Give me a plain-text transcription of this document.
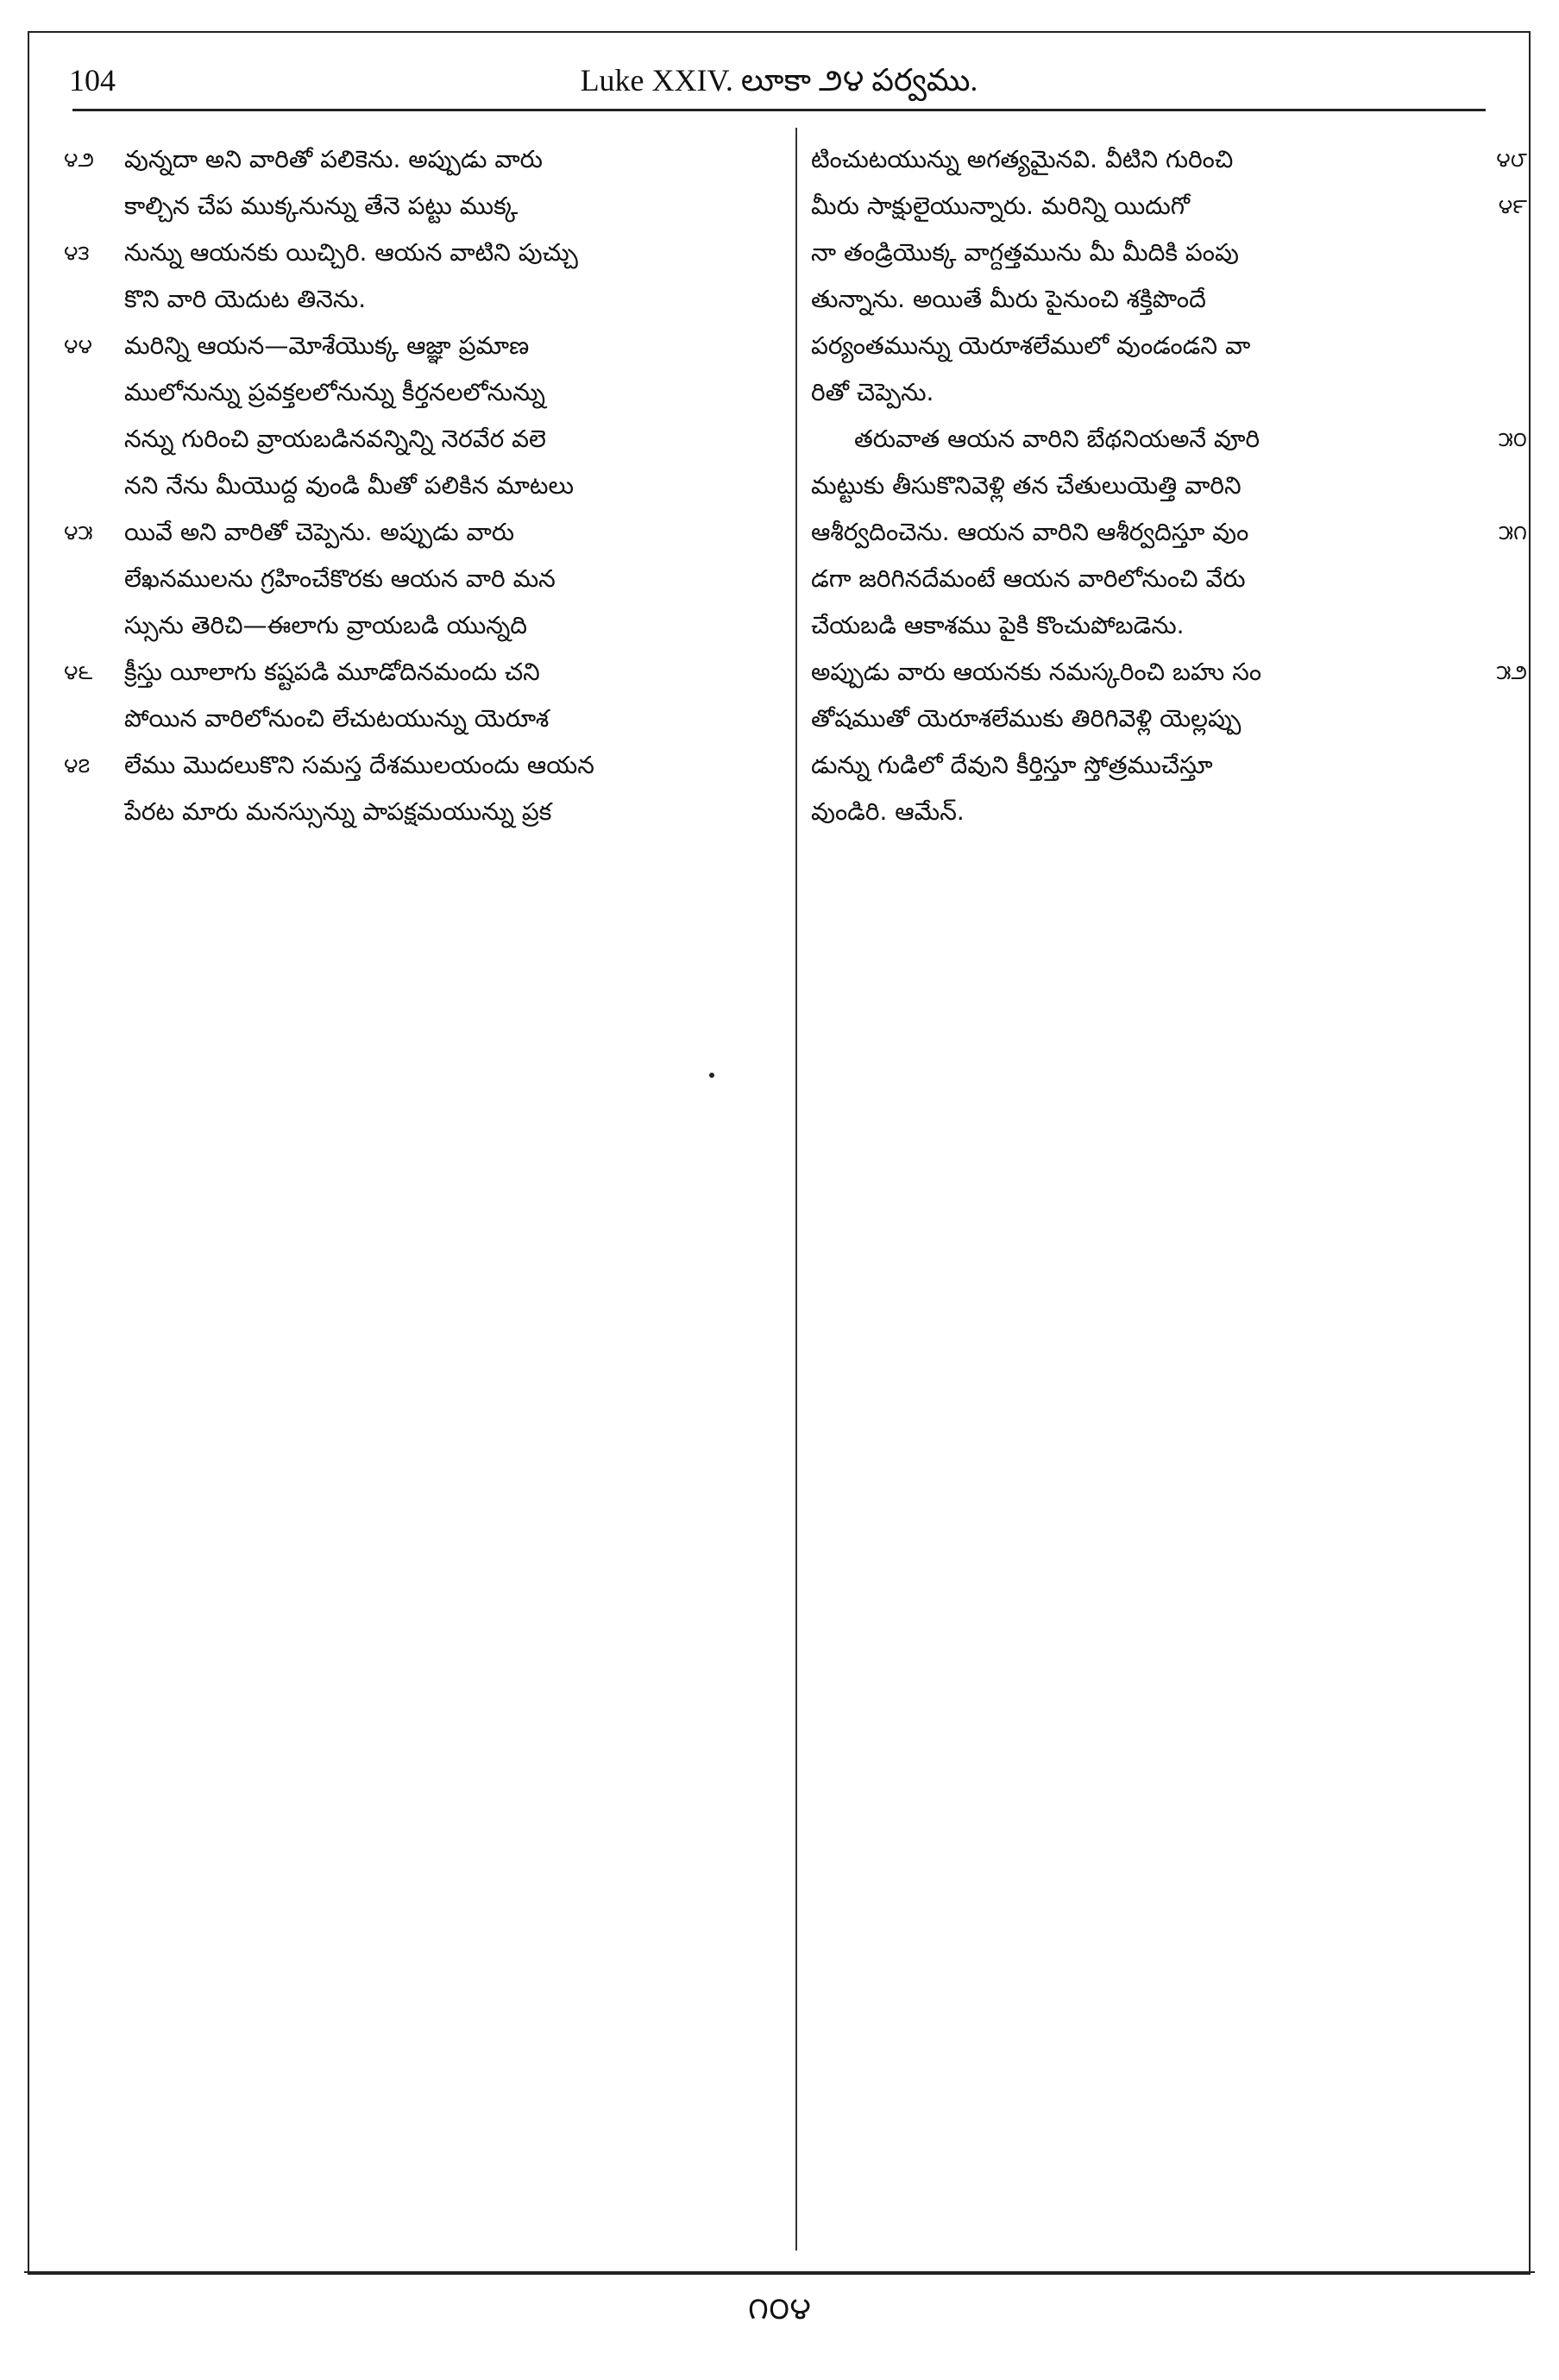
104	Luke XXIV. లూకా ౨౪ పర్వము.
౪౨	వున్నదా అని వారితో పలికెను. అప్పుడు వారు
కాల్చిన చేప ముక్కనున్ను తేనె పట్టు ముక్క
౪౩	నున్ను ఆయనకు యిచ్చిరి. ఆయన వాటిని పుచ్చు
కొని వారి యెదుట తినెను.
౪౪	మరిన్ని ఆయన—మోశేయొక్క ఆజ్ఞా ప్రమాణ
ములోనున్ను ప్రవక్తలలోనున్ను కీర్తనలలోనున్ను
నన్ను గురించి వ్రాయబడినవన్నిన్ని నెరవేర వలె
నని నేను మీయొద్ద వుండి మీతో పలికిన మాటలు
౪౫	యివే అని వారితో చెప్పెను. అప్పుడు వారు
లేఖనములను గ్రహించేకొరకు ఆయన వారి మన
స్సును తెరిచి—ఈలాగు వ్రాయబడి యున్నది
౪౬	క్రీస్తు యీలాగు కష్టపడి మూడోదినమందు చని
పోయిన వారిలోనుంచి లేచుటయున్ను యెరూశ
౪౭	లేము మొదలుకొని సమస్త దేశములయందు ఆయన
పేరట మారు మనస్సున్ను పాపక్షమయున్ను ప్రక
టించుటయున్ను అగత్యమైనవి. వీటిని గురించి	౪౮
మీరు సాక్షులైయున్నారు. మరిన్ని యిదుగో	౪౯
నా తండ్రియొక్క వాగ్దత్తమును మీ మీదికి పంపు
తున్నాను. అయితే మీరు పైనుంచి శక్తిపొందే
పర్యంతమున్ను యెరూశలేములో వుండండని వా
రితో చెప్పెను.
తరువాత ఆయన వారిని బేథనియఅనే వూరి	౫౦
మట్టుకు తీసుకొనివెళ్లి తన చేతులుయెత్తి వారిని
ఆశీర్వదించెను. ఆయన వారిని ఆశీర్వదిస్తూ వుం	౫౧
డగా జరిగినదేమంటే ఆయన వారిలోనుంచి వేరు
చేయబడి ఆకాశము పైకి కొంచుపోబడెను.
అప్పుడు వారు ఆయనకు నమస్కరించి బహు సం	౫౨
తోషముతో యెరూశలేముకు తిరిగివెళ్లి యెల్లప్పు
డున్ను గుడిలో దేవుని కీర్తిస్తూ స్తోత్రముచేస్తూ
వుండిరి. ఆమేన్.
౧౦౪
